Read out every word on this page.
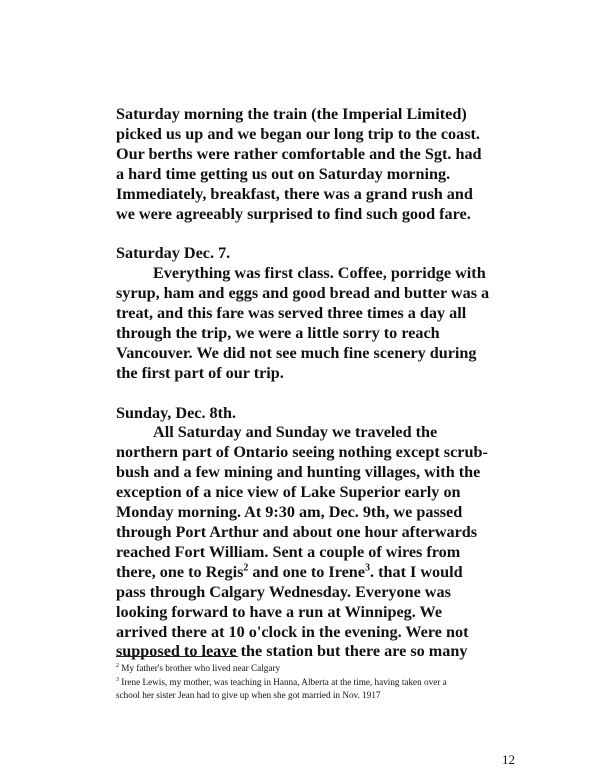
Saturday morning the train (the Imperial Limited)
picked us up and we began our long trip to the coast.
Our berths were rather comfortable and the Sgt. had
a hard time getting us out on Saturday morning.
Immediately, breakfast, there was a grand rush and
we were agreeably surprised to find such good fare.
Saturday Dec. 7.
Everything was first class. Coffee, porridge with
syrup, ham and eggs and good bread and butter was a
treat, and this fare was served three times a day all
through the trip, we were a little sorry to reach
Vancouver. We did not see much fine scenery during
the first part of our trip.
Sunday, Dec. 8th.
All Saturday and Sunday we traveled the
northern part of Ontario seeing nothing except scrub-
bush and a few mining and hunting villages, with the
exception of a nice view of Lake Superior early on
Monday morning. At 9:30 am, Dec. 9th, we passed
through Port Arthur and about one hour afterwards
reached Fort William. Sent a couple of wires from
there, one to Regis$^2$ and one to Irene$^3$. that I would
pass through Calgary Wednesday. Everyone was
looking forward to have a run at Winnipeg. We
arrived there at 10 o'clock in the evening. Were not
supposed to leave the station but there are so many
$^2$ My father's brother who lived near Calgary
$^3$ Irene Lewis, my mother, was teaching in Hanna, Alberta at the time, having taken over a
school her sister Jean had to give up when she got married in Nov. 1917
12
